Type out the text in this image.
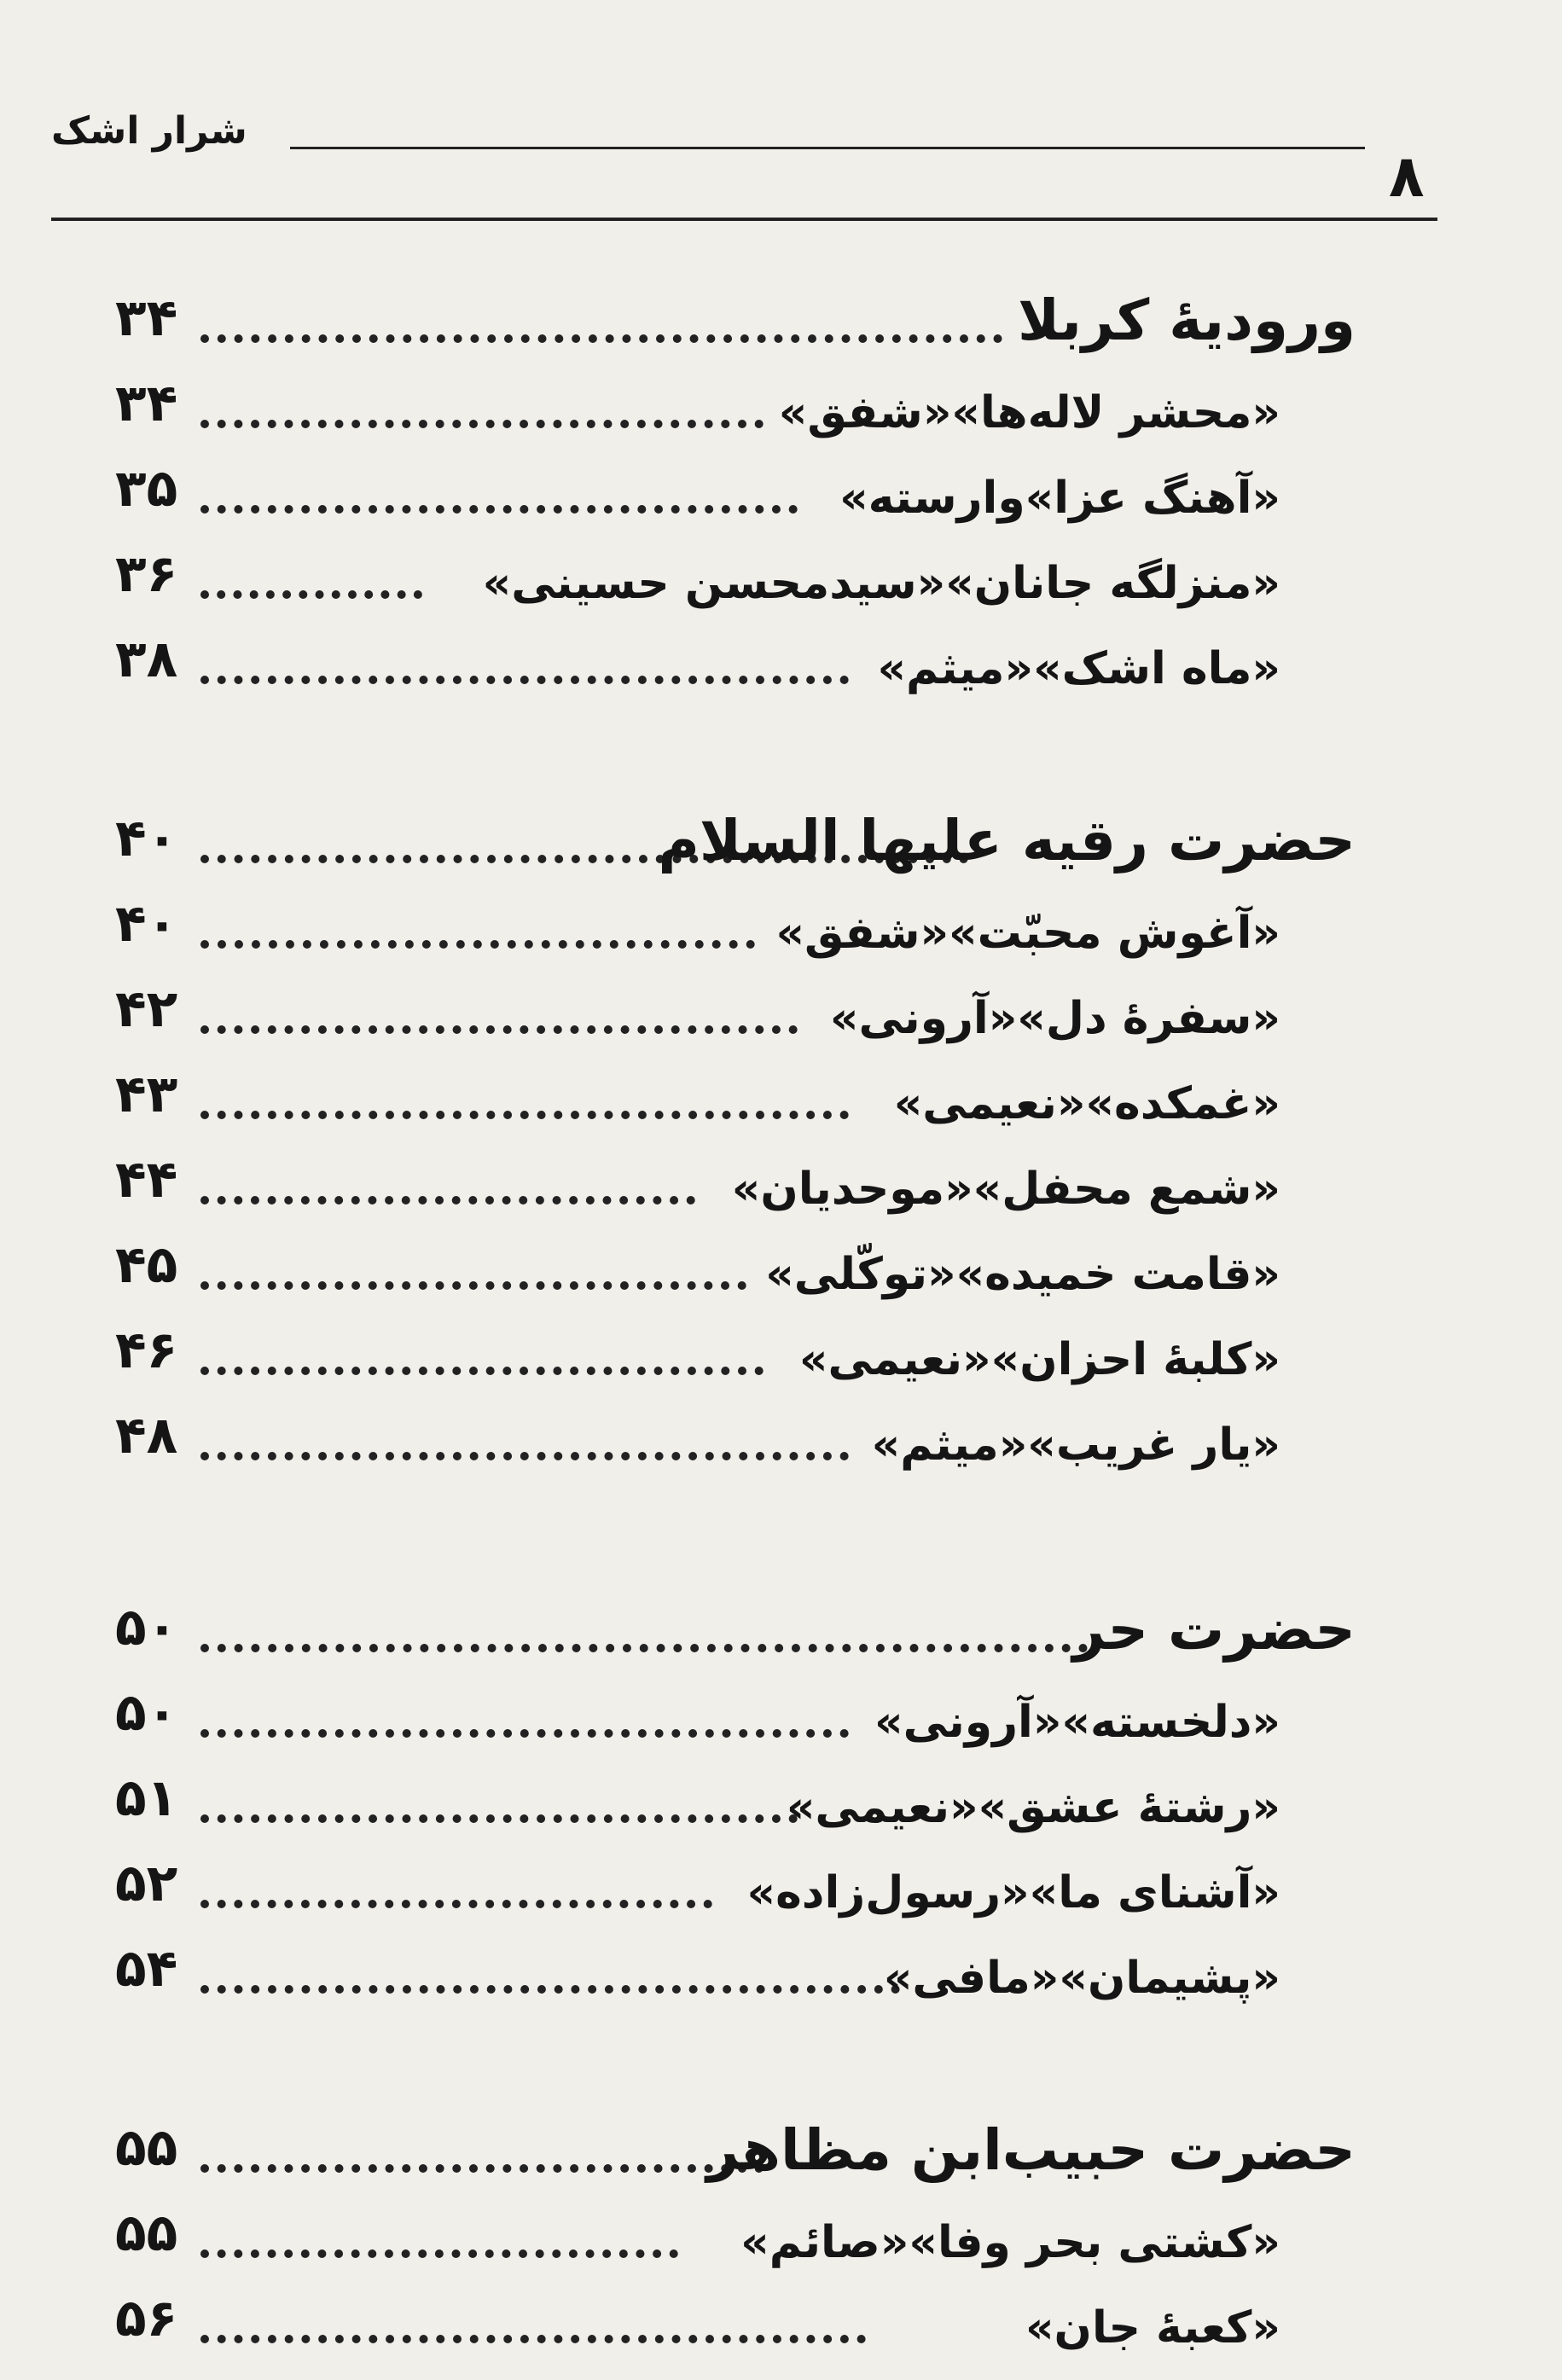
شرار اشک
۸
۳۴	ورودیهٔ کربلا
۳۴	«محشر لاله‌ها»«شفق»
۳۵	«آهنگ عزا»وارسته»
۳۶	«منزلگه جانان»«سیدمحسن حسینی»
۳۸	«ماه اشک»«میثم»
۴۰	حضرت رقیه علیها السلام
۴۰	«آغوش محبّت»«شفق»
۴۲	«سفرهٔ دل»«آرونی»
۴۳	«غمکده»«نعیمی»
۴۴	«شمع محفل»«موحدیان»
۴۵	«قامت خمیده»«توکّلی»
۴۶	«کلبهٔ احزان»«نعیمی»
۴۸	«یار غریب»«میثم»
۵۰	حضرت حر
۵۰	«دلخسته»«آرونی»
۵۱	«رشتهٔ عشق»«نعیمی»
۵۲	«آشنای ما»«رسول‌زاده»
۵۴	«پشیمان»«مافی»
۵۵	حضرت حبیب‌ابن مظاهر
۵۵	«کشتی بحر وفا»«صائم»
۵۶	«کعبهٔ جان»
